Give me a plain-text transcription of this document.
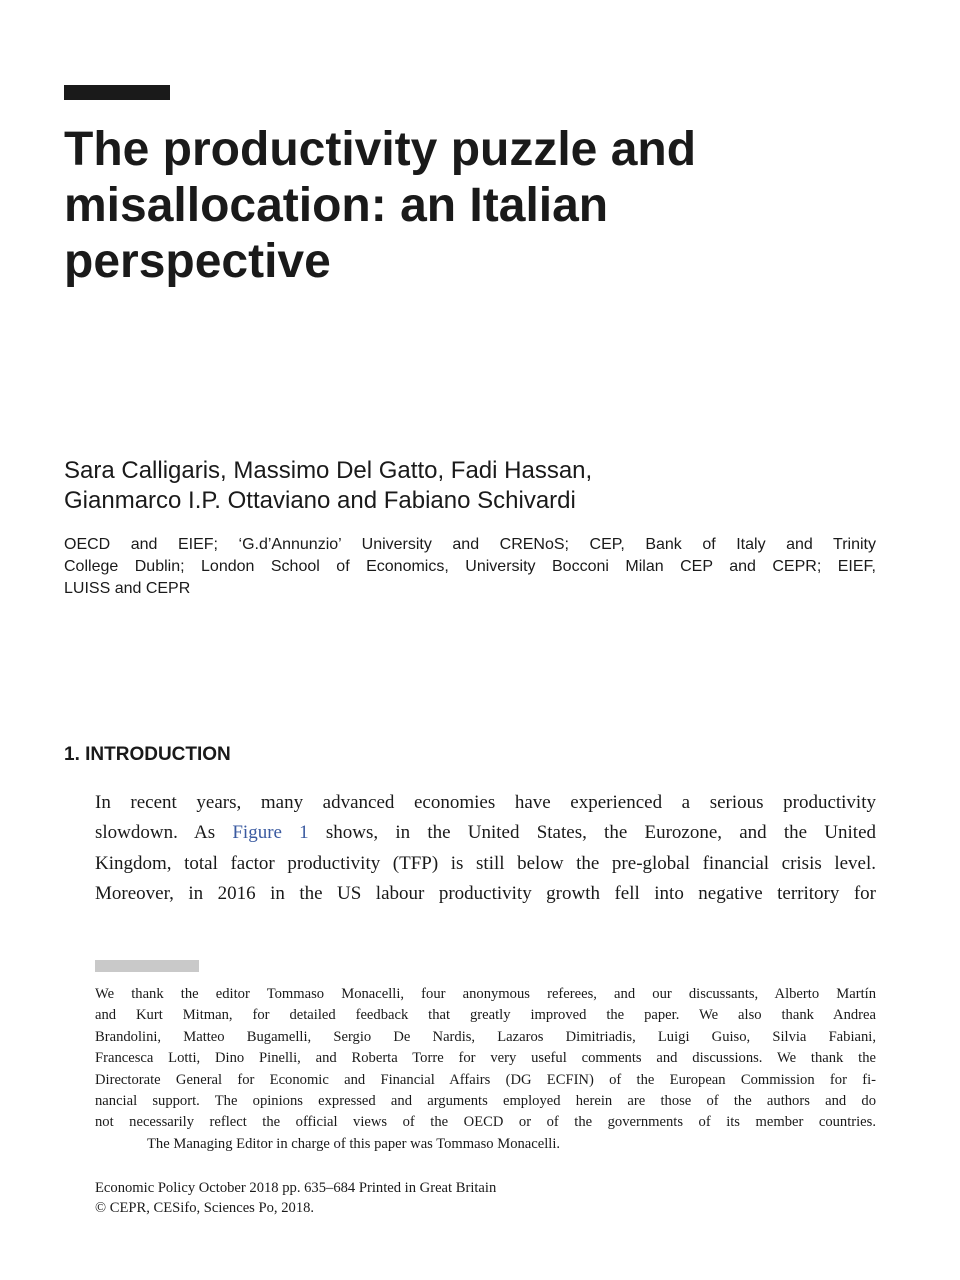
The productivity puzzle and
misallocation: an Italian
perspective
Sara Calligaris, Massimo Del Gatto, Fadi Hassan,
Gianmarco I.P. Ottaviano and Fabiano Schivardi
OECD and EIEF; ‘G.d’Annunzio’ University and CRENoS; CEP, Bank of Italy and Trinity
College Dublin; London School of Economics, University Bocconi Milan CEP and CEPR; EIEF,
LUISS and CEPR
1. INTRODUCTION
In recent years, many advanced economies have experienced a serious productivity
slowdown. As Figure 1 shows, in the United States, the Eurozone, and the United
Kingdom, total factor productivity (TFP) is still below the pre-global financial crisis level.
Moreover, in 2016 in the US labour productivity growth fell into negative territory for
We thank the editor Tommaso Monacelli, four anonymous referees, and our discussants, Alberto Martín
and Kurt Mitman, for detailed feedback that greatly improved the paper. We also thank Andrea
Brandolini, Matteo Bugamelli, Sergio De Nardis, Lazaros Dimitriadis, Luigi Guiso, Silvia Fabiani,
Francesca Lotti, Dino Pinelli, and Roberta Torre for very useful comments and discussions. We thank the
Directorate General for Economic and Financial Affairs (DG ECFIN) of the European Commission for fi-
nancial support. The opinions expressed and arguments employed herein are those of the authors and do
not necessarily reflect the official views of the OECD or of the governments of its member countries.
The Managing Editor in charge of this paper was Tommaso Monacelli.
Economic Policy October 2018 pp. 635–684 Printed in Great Britain
© CEPR, CESifo, Sciences Po, 2018.
